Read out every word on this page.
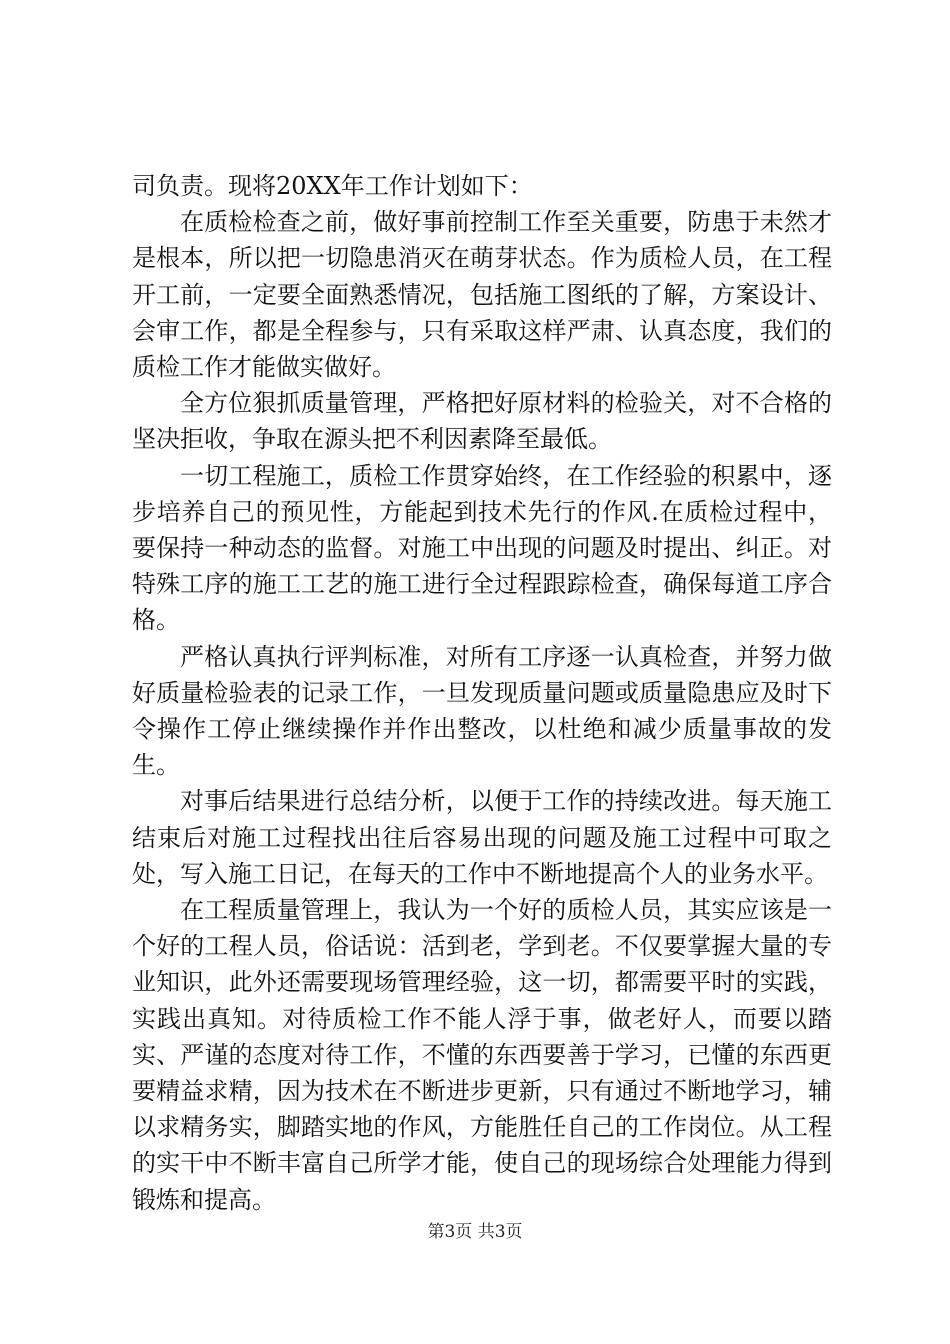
司负责。现将20XX年工作计划如下：

在质检检查之前，做好事前控制工作至关重要，防患于未然才是根本，所以把一切隐患消灭在萌芽状态。作为质检人员，在工程开工前，一定要全面熟悉情况，包括施工图纸的了解，方案设计、会审工作，都是全程参与，只有采取这样严肃、认真态度，我们的质检工作才能做实做好。

全方位狠抓质量管理，严格把好原材料的检验关，对不合格的坚决拒收，争取在源头把不利因素降至最低。

一切工程施工，质检工作贯穿始终，在工作经验的积累中，逐步培养自己的预见性，方能起到技术先行的作风.在质检过程中，要保持一种动态的监督。对施工中出现的问题及时提出、纠正。对特殊工序的施工工艺的施工进行全过程跟踪检查，确保每道工序合格。

严格认真执行评判标准，对所有工序逐一认真检查，并努力做好质量检验表的记录工作，一旦发现质量问题或质量隐患应及时下令操作工停止继续操作并作出整改，以杜绝和减少质量事故的发生。

对事后结果进行总结分析，以便于工作的持续改进。每天施工结束后对施工过程找出往后容易出现的问题及施工过程中可取之处，写入施工日记，在每天的工作中不断地提高个人的业务水平。

在工程质量管理上，我认为一个好的质检人员，其实应该是一个好的工程人员，俗话说：活到老，学到老。不仅要掌握大量的专业知识，此外还需要现场管理经验，这一切，都需要平时的实践，实践出真知。对待质检工作不能人浮于事，做老好人，而要以踏实、严谨的态度对待工作，不懂的东西要善于学习，已懂的东西更要精益求精，因为技术在不断进步更新，只有通过不断地学习，辅以求精务实，脚踏实地的作风，方能胜任自己的工作岗位。从工程的实干中不断丰富自己所学才能，使自己的现场综合处理能力得到锻炼和提高。

第3页 共3页
